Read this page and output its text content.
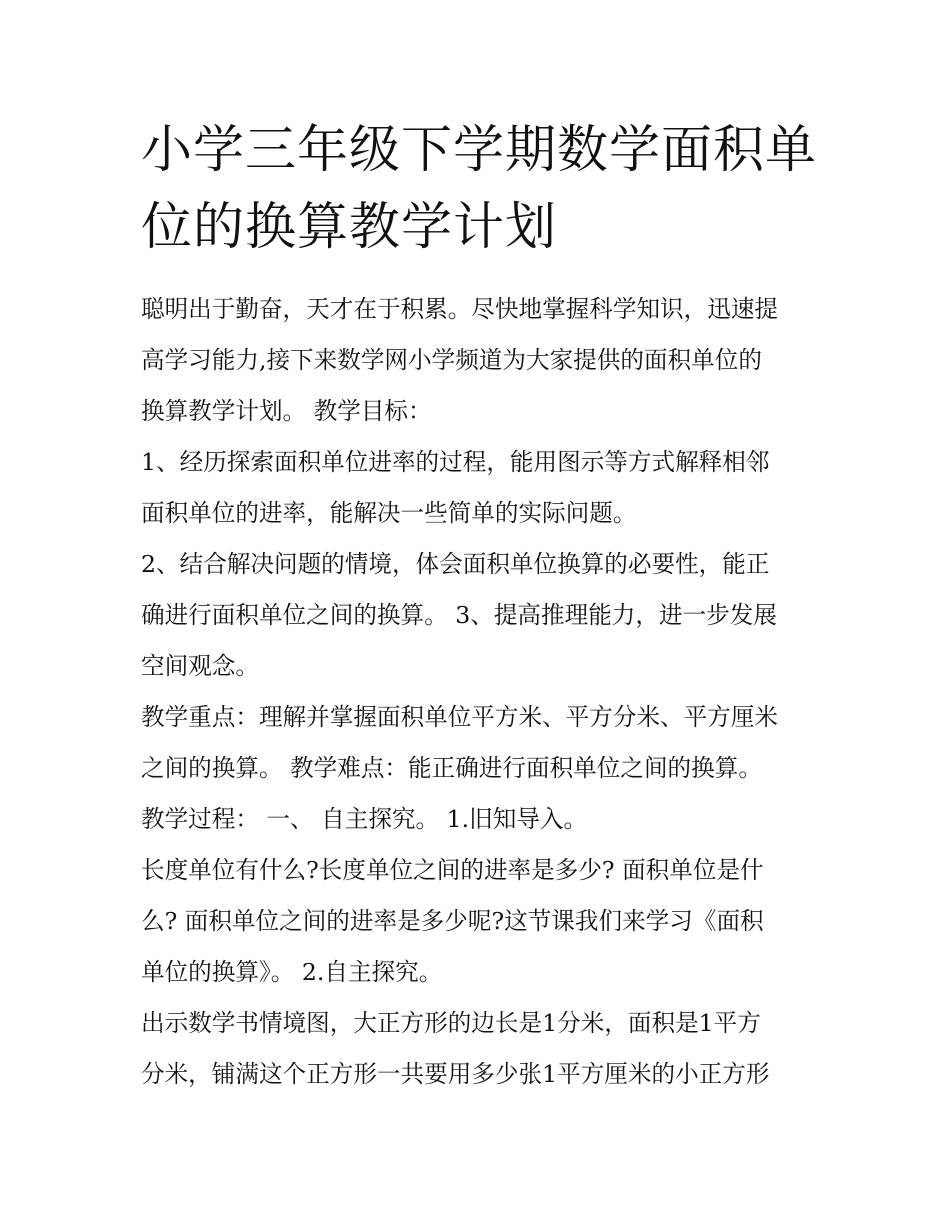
小学三年级下学期数学面积单
位的换算教学计划

聪明出于勤奋，天才在于积累。尽快地掌握科学知识，迅速提
高学习能力,接下来数学网小学频道为大家提供的面积单位的
换算教学计划。 教学目标：

1、经历探索面积单位进率的过程，能用图示等方式解释相邻
面积单位的进率，能解决一些简单的实际问题。

2、结合解决问题的情境，体会面积单位换算的必要性，能正
确进行面积单位之间的换算。 3、提高推理能力，进一步发展
空间观念。

教学重点：理解并掌握面积单位平方米、平方分米、平方厘米
之间的换算。 教学难点：能正确进行面积单位之间的换算。

教学过程： 一、 自主探究。 1.旧知导入。

长度单位有什么?长度单位之间的进率是多少? 面积单位是什
么? 面积单位之间的进率是多少呢?这节课我们来学习《面积
单位的换算》。 2.自主探究。

出示数学书情境图，大正方形的边长是1分米，面积是1平方
分米，铺满这个正方形一共要用多少张1平方厘米的小正方形
